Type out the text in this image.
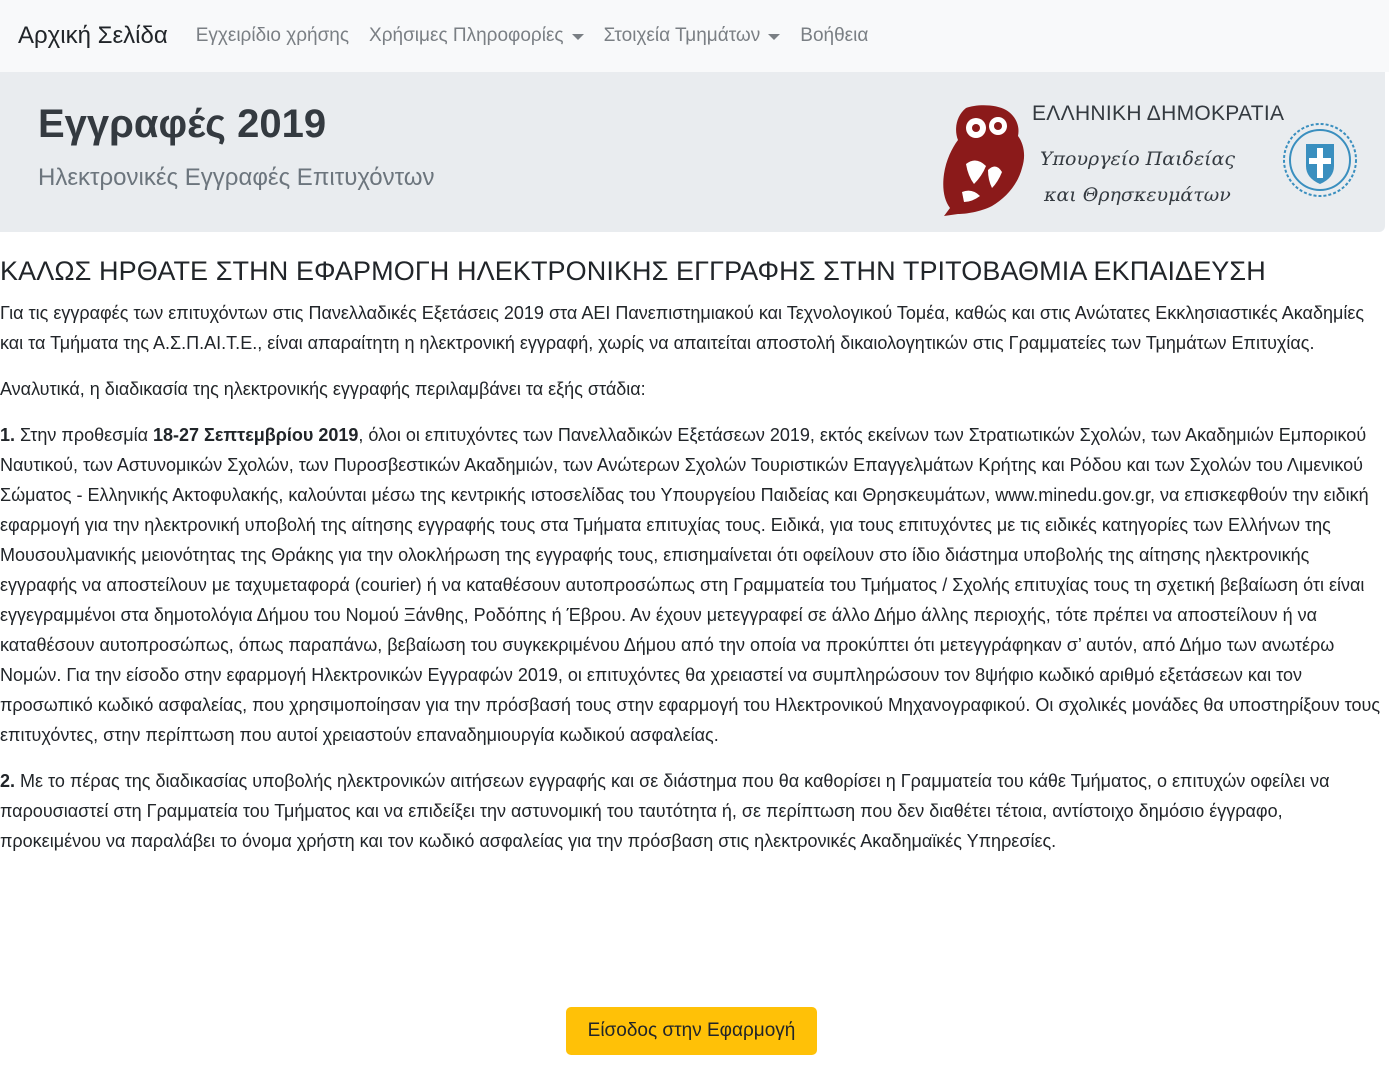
Αρχική Σελίδα Εγχειρίδιο χρήσης Χρήσιμες Πληροφορίες Στοιχεία Τμημάτων Βοήθεια
Εγγραφές 2019
Ηλεκτρονικές Εγγραφές Επιτυχόντων
ΕΛΛΗΝΙΚΗ ΔΗΜΟΚΡΑΤΙΑ
Υπουργείο Παιδείας
και Θρησκευμάτων
ΚΑΛΩΣ ΗΡΘΑΤΕ ΣΤΗΝ ΕΦΑΡΜΟΓΗ ΗΛΕΚΤΡΟΝΙΚΗΣ ΕΓΓΡΑΦΗΣ ΣΤΗΝ ΤΡΙΤΟΒΑΘΜΙΑ ΕΚΠΑΙΔΕΥΣΗ

Για τις εγγραφές των επιτυχόντων στις Πανελλαδικές Εξετάσεις 2019 στα ΑΕΙ Πανεπιστημιακού και Τεχνολογικού Τομέα, καθώς και στις Ανώτατες Εκκλησιαστικές Ακαδημίες και τα Τμήματα της Α.Σ.Π.ΑΙ.Τ.Ε., είναι απαραίτητη η ηλεκτρονική εγγραφή, χωρίς να απαιτείται αποστολή δικαιολογητικών στις Γραμματείες των Τμημάτων Επιτυχίας.

Αναλυτικά, η διαδικασία της ηλεκτρονικής εγγραφής περιλαμβάνει τα εξής στάδια:

1. Στην προθεσμία 18-27 Σεπτεμβρίου 2019, όλοι οι επιτυχόντες των Πανελλαδικών Εξετάσεων 2019, εκτός εκείνων των Στρατιωτικών Σχολών, των Ακαδημιών Εμπορικού Ναυτικού, των Αστυνομικών Σχολών, των Πυροσβεστικών Ακαδημιών, των Ανώτερων Σχολών Τουριστικών Επαγγελμάτων Κρήτης και Ρόδου και των Σχολών του Λιμενικού Σώματος - Ελληνικής Ακτοφυλακής, καλούνται μέσω της κεντρικής ιστοσελίδας του Υπουργείου Παιδείας και Θρησκευμάτων, www.minedu.gov.gr, να επισκεφθούν την ειδική εφαρμογή για την ηλεκτρονική υποβολή της αίτησης εγγραφής τους στα Τμήματα επιτυχίας τους. Ειδικά, για τους επιτυχόντες με τις ειδικές κατηγορίες των Ελλήνων της Μουσουλμανικής μειονότητας της Θράκης για την ολοκλήρωση της εγγραφής τους, επισημαίνεται ότι οφείλουν στο ίδιο διάστημα υποβολής της αίτησης ηλεκτρονικής εγγραφής να αποστείλουν με ταχυμεταφορά (courier) ή να καταθέσουν αυτοπροσώπως στη Γραμματεία του Τμήματος / Σχολής επιτυχίας τους τη σχετική βεβαίωση ότι είναι εγγεγραμμένοι στα δημοτολόγια Δήμου του Νομού Ξάνθης, Ροδόπης ή Έβρου. Αν έχουν μετεγγραφεί σε άλλο Δήμο άλλης περιοχής, τότε πρέπει να αποστείλουν ή να καταθέσουν αυτοπροσώπως, όπως παραπάνω, βεβαίωση του συγκεκριμένου Δήμου από την οποία να προκύπτει ότι μετεγγράφηκαν σ’ αυτόν, από Δήμο των ανωτέρω Νομών. Για την είσοδο στην εφαρμογή Ηλεκτρονικών Εγγραφών 2019, οι επιτυχόντες θα χρειαστεί να συμπληρώσουν τον 8ψήφιο κωδικό αριθμό εξετάσεων και τον προσωπικό κωδικό ασφαλείας, που χρησιμοποίησαν για την πρόσβασή τους στην εφαρμογή του Ηλεκτρονικού Μηχανογραφικού. Οι σχολικές μονάδες θα υποστηρίξουν τους επιτυχόντες, στην περίπτωση που αυτοί χρειαστούν επαναδημιουργία κωδικού ασφαλείας.

2. Με το πέρας της διαδικασίας υποβολής ηλεκτρονικών αιτήσεων εγγραφής και σε διάστημα που θα καθορίσει η Γραμματεία του κάθε Τμήματος, ο επιτυχών οφείλει να παρουσιαστεί στη Γραμματεία του Τμήματος και να επιδείξει την αστυνομική του ταυτότητα ή, σε περίπτωση που δεν διαθέτει τέτοια, αντίστοιχο δημόσιο έγγραφο, προκειμένου να παραλάβει το όνομα χρήστη και τον κωδικό ασφαλείας για την πρόσβαση στις ηλεκτρονικές Ακαδημαϊκές Υπηρεσίες.

Είσοδος στην Εφαρμογή
